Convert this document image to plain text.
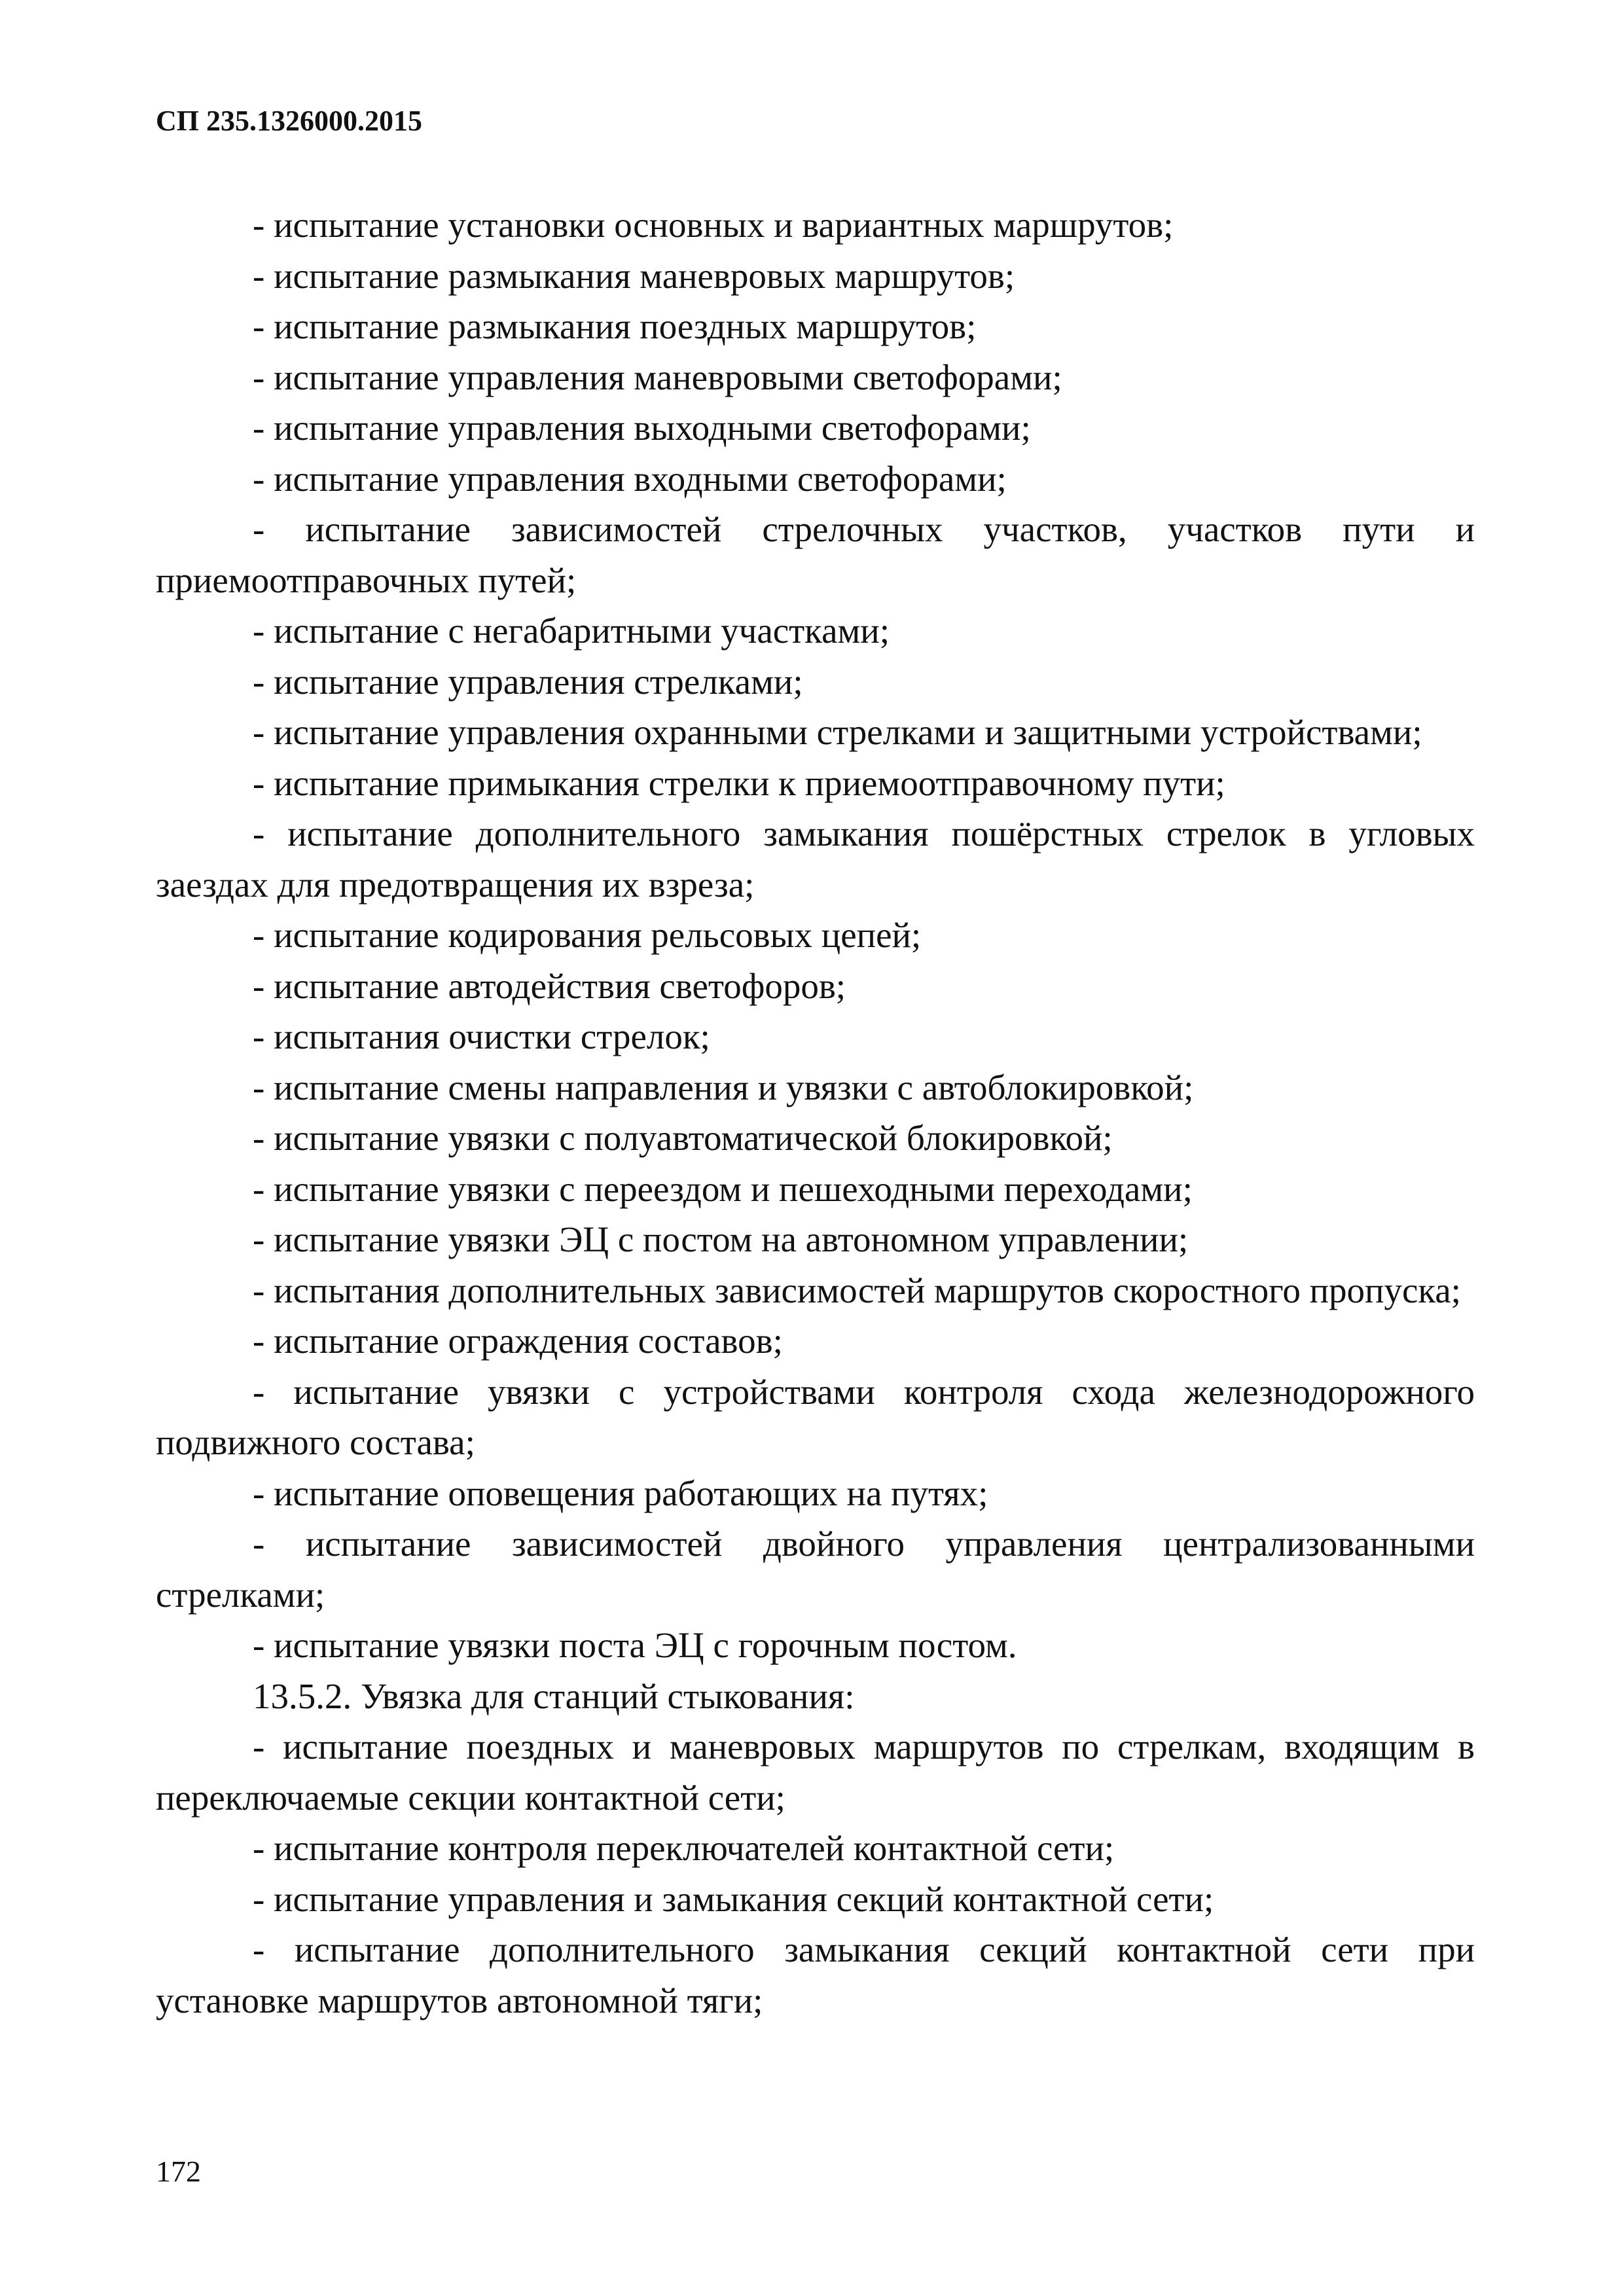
СП 235.1326000.2015

- испытание установки основных и вариантных маршрутов;

- испытание размыкания маневровых маршрутов;

- испытание размыкания поездных маршрутов;

- испытание управления маневровыми светофорами;

- испытание управления выходными светофорами;

- испытание управления входными светофорами;

- испытание зависимостей стрелочных участков, участков пути и приемоотправочных путей;

- испытание с негабаритными участками;

- испытание управления стрелками;

- испытание управления охранными стрелками и защитными устройствами;

- испытание примыкания стрелки к приемоотправочному пути;

- испытание дополнительного замыкания пошёрстных стрелок в угловых заездах для предотвращения их взреза;

- испытание кодирования рельсовых цепей;

- испытание автодействия светофоров;

- испытания очистки стрелок;

- испытание смены направления и увязки с автоблокировкой;

- испытание увязки с полуавтоматической блокировкой;

- испытание увязки с переездом и пешеходными переходами;

- испытание увязки ЭЦ с постом на автономном управлении;

- испытания дополнительных зависимостей маршрутов скоростного пропуска;

- испытание ограждения составов;

- испытание увязки с устройствами контроля схода железнодорожного подвижного состава;

- испытание оповещения работающих на путях;

- испытание зависимостей двойного управления централизованными стрелками;

- испытание увязки поста ЭЦ с горочным постом.

13.5.2. Увязка для станций стыкования:

- испытание поездных и маневровых маршрутов по стрелкам, входящим в переключаемые секции контактной сети;

- испытание контроля переключателей контактной сети;

- испытание управления и замыкания секций контактной сети;

- испытание дополнительного замыкания секций контактной сети при установке маршрутов автономной тяги;

172
